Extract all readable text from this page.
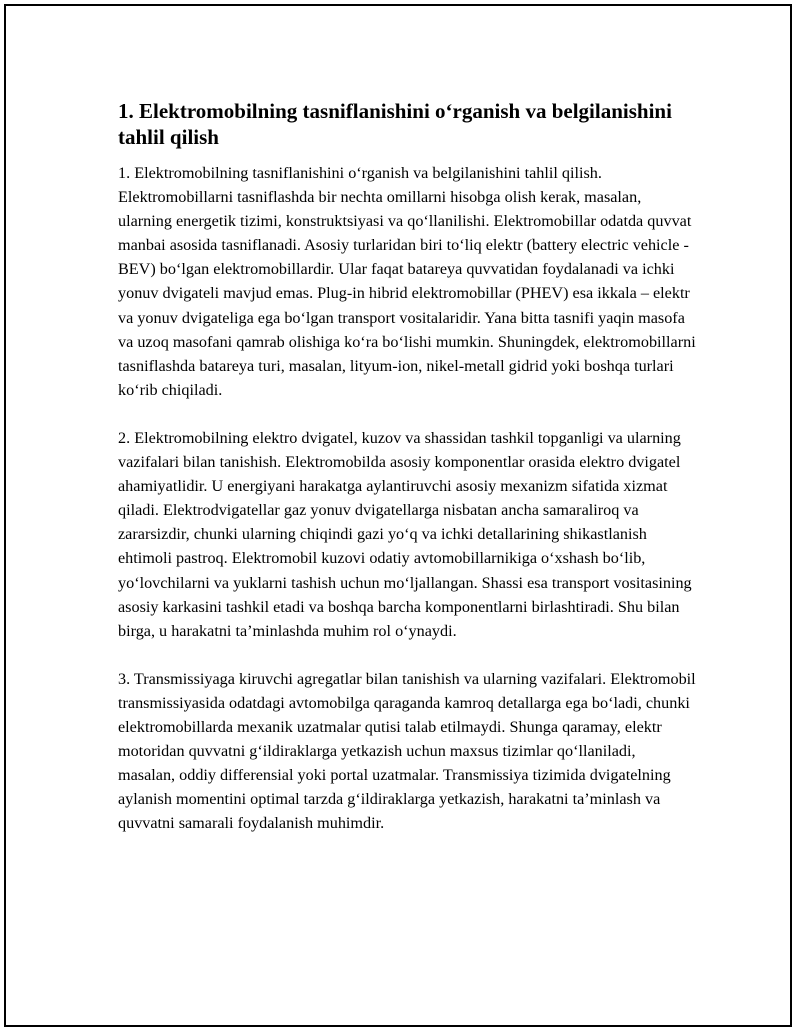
1. Elektromobilning tasniflanishini o‘rganish va belgilanishini tahlil qilish

1. Elektromobilning tasniflanishini o‘rganish va belgilanishini tahlil qilish. Elektromobillarni tasniflashda bir nechta omillarni hisobga olish kerak, masalan, ularning energetik tizimi, konstruktsiyasi va qo‘llanilishi. Elektromobillar odatda quvvat manbai asosida tasniflanadi. Asosiy turlaridan biri to‘liq elektr (battery electric vehicle - BEV) bo‘lgan elektromobillardir. Ular faqat batareya quvvatidan foydalanadi va ichki yonuv dvigateli mavjud emas. Plug-in hibrid elektromobillar (PHEV) esa ikkala – elektr va yonuv dvigateliga ega bo‘lgan transport vositalaridir. Yana bitta tasnifi yaqin masofa va uzoq masofani qamrab olishiga ko‘ra bo‘lishi mumkin. Shuningdek, elektromobillarni tasniflashda batareya turi, masalan, lityum-ion, nikel-metall gidrid yoki boshqa turlari ko‘rib chiqiladi.

2. Elektromobilning elektro dvigatel, kuzov va shassidan tashkil topganligi va ularning vazifalari bilan tanishish. Elektromobilda asosiy komponentlar orasida elektro dvigatel ahamiyatlidir. U energiyani harakatga aylantiruvchi asosiy mexanizm sifatida xizmat qiladi. Elektrodvigatellar gaz yonuv dvigatellarga nisbatan ancha samaraliroq va zararsizdir, chunki ularning chiqindi gazi yo‘q va ichki detallarining shikastlanish ehtimoli pastroq. Elektromobil kuzovi odatiy avtomobillarnikiga o‘xshash bo‘lib, yo‘lovchilarni va yuklarni tashish uchun mo‘ljallangan. Shassi esa transport vositasining asosiy karkasini tashkil etadi va boshqa barcha komponentlarni birlashtiradi. Shu bilan birga, u harakatni ta’minlashda muhim rol o‘ynaydi.

3. Transmissiyaga kiruvchi agregatlar bilan tanishish va ularning vazifalari. Elektromobil transmissiyasida odatdagi avtomobilga qaraganda kamroq detallarga ega bo‘ladi, chunki elektromobillarda mexanik uzatmalar qutisi talab etilmaydi. Shunga qaramay, elektr motoridan quvvatni g‘ildiraklarga yetkazish uchun maxsus tizimlar qo‘llaniladi, masalan, oddiy differensial yoki portal uzatmalar. Transmissiya tizimida dvigatelning aylanish momentini optimal tarzda g‘ildiraklarga yetkazish, harakatni ta’minlash va quvvatni samarali foydalanish muhimdir.
